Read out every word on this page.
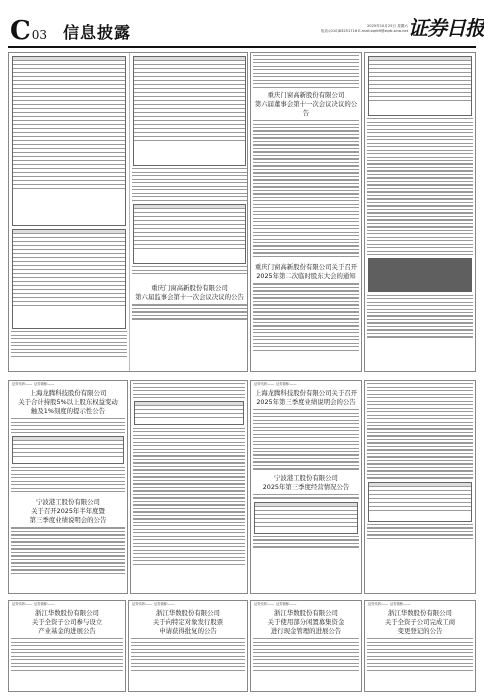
C 03 信息披露	2025年10月25日 星期六
电话:(010)83251716 E-mail:zqrb9@zqrb.sina.net 证券日报
重庆门窗高新股份有限公司
第六届监事会第十一次会议决议的公告
重庆门窗高新股份有限公司
第六届董事会第十一次会议决议的公告
重庆门窗高新股份有限公司关于召开
2025年第二次临时股东大会的通知
证券代码:——  证券简称:——
上海龙腾科技股份有限公司
关于合计持股5%以上股东权益变动
触及1%刻度的提示性公告
宁波港工股份有限公司
关于召开2025年半年度暨
第三季度业绩说明会的公告
证券代码:——  证券简称:——
上海龙腾科技股份有限公司关于召开
2025年第三季度业绩说明会的公告
宁波港工股份有限公司
2025年第三季度经营情况公告
证券代码:——  证券简称:——
浙江华数股份有限公司
关于全资子公司参与设立
产业基金的进展公告
证券代码:——  证券简称:——
浙江华数股份有限公司
关于向特定对象发行股票
申请获得批复的公告
证券代码:——  证券简称:——
浙江华数股份有限公司
关于使用部分闲置募集资金
进行现金管理的进展公告
证券代码:——  证券简称:——
浙江华数股份有限公司
关于全资子公司完成工商
变更登记的公告
